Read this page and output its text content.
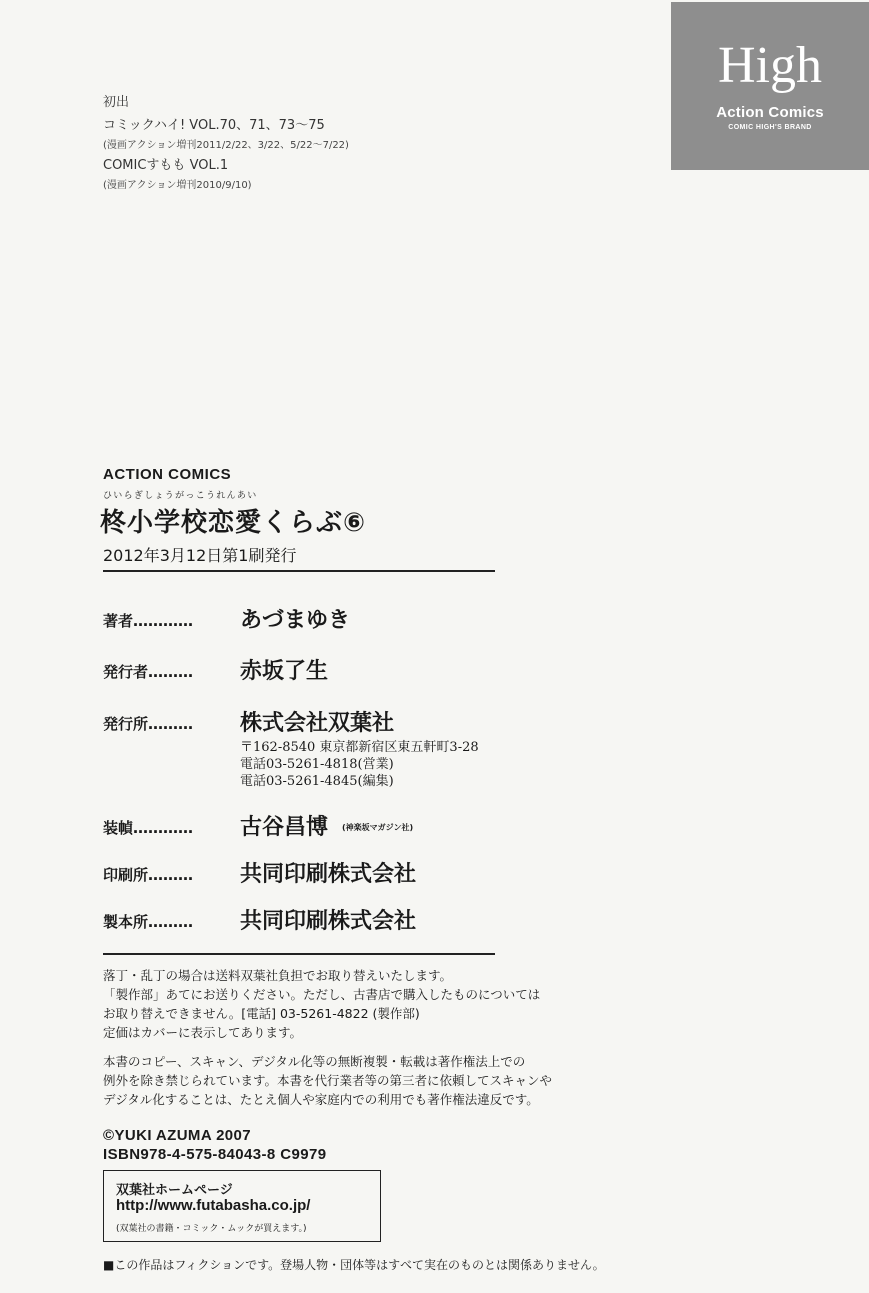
High
Action Comics
COMIC HIGH'S BRAND
初出
コミックハイ! VOL.70、71、73〜75
(漫画アクション増刊2011/2/22、3/22、5/22〜7/22)
COMICすもも VOL.1
(漫画アクション増刊2010/9/10)
ACTION COMICS
ひいらぎしょうがっこうれんあい
柊小学校恋愛くらぶ⑥
2012年3月12日第1刷発行
著者………… あづまゆき
発行者……… 赤坂了生
発行所……… 株式会社双葉社
〒162-8540 東京都新宿区東五軒町3-28
電話03-5261-4818(営業)
電話03-5261-4845(編集)
装幀………… 古谷昌博 (神楽坂マガジン社)
印刷所……… 共同印刷株式会社
製本所……… 共同印刷株式会社
落丁・乱丁の場合は送料双葉社負担でお取り替えいたします。
「製作部」あてにお送りください。ただし、古書店で購入したものについては
お取り替えできません。[電話] 03-5261-4822 (製作部)
定価はカバーに表示してあります。
本書のコピー、スキャン、デジタル化等の無断複製・転載は著作権法上での
例外を除き禁じられています。本書を代行業者等の第三者に依頼してスキャンや
デジタル化することは、たとえ個人や家庭内での利用でも著作権法違反です。
©YUKI AZUMA 2007
ISBN978-4-575-84043-8 C9979
双葉社ホームページ
http://www.futabasha.co.jp/
(双葉社の書籍・コミック・ムックが買えます。)
■この作品はフィクションです。登場人物・団体等はすべて実在のものとは関係ありません。
